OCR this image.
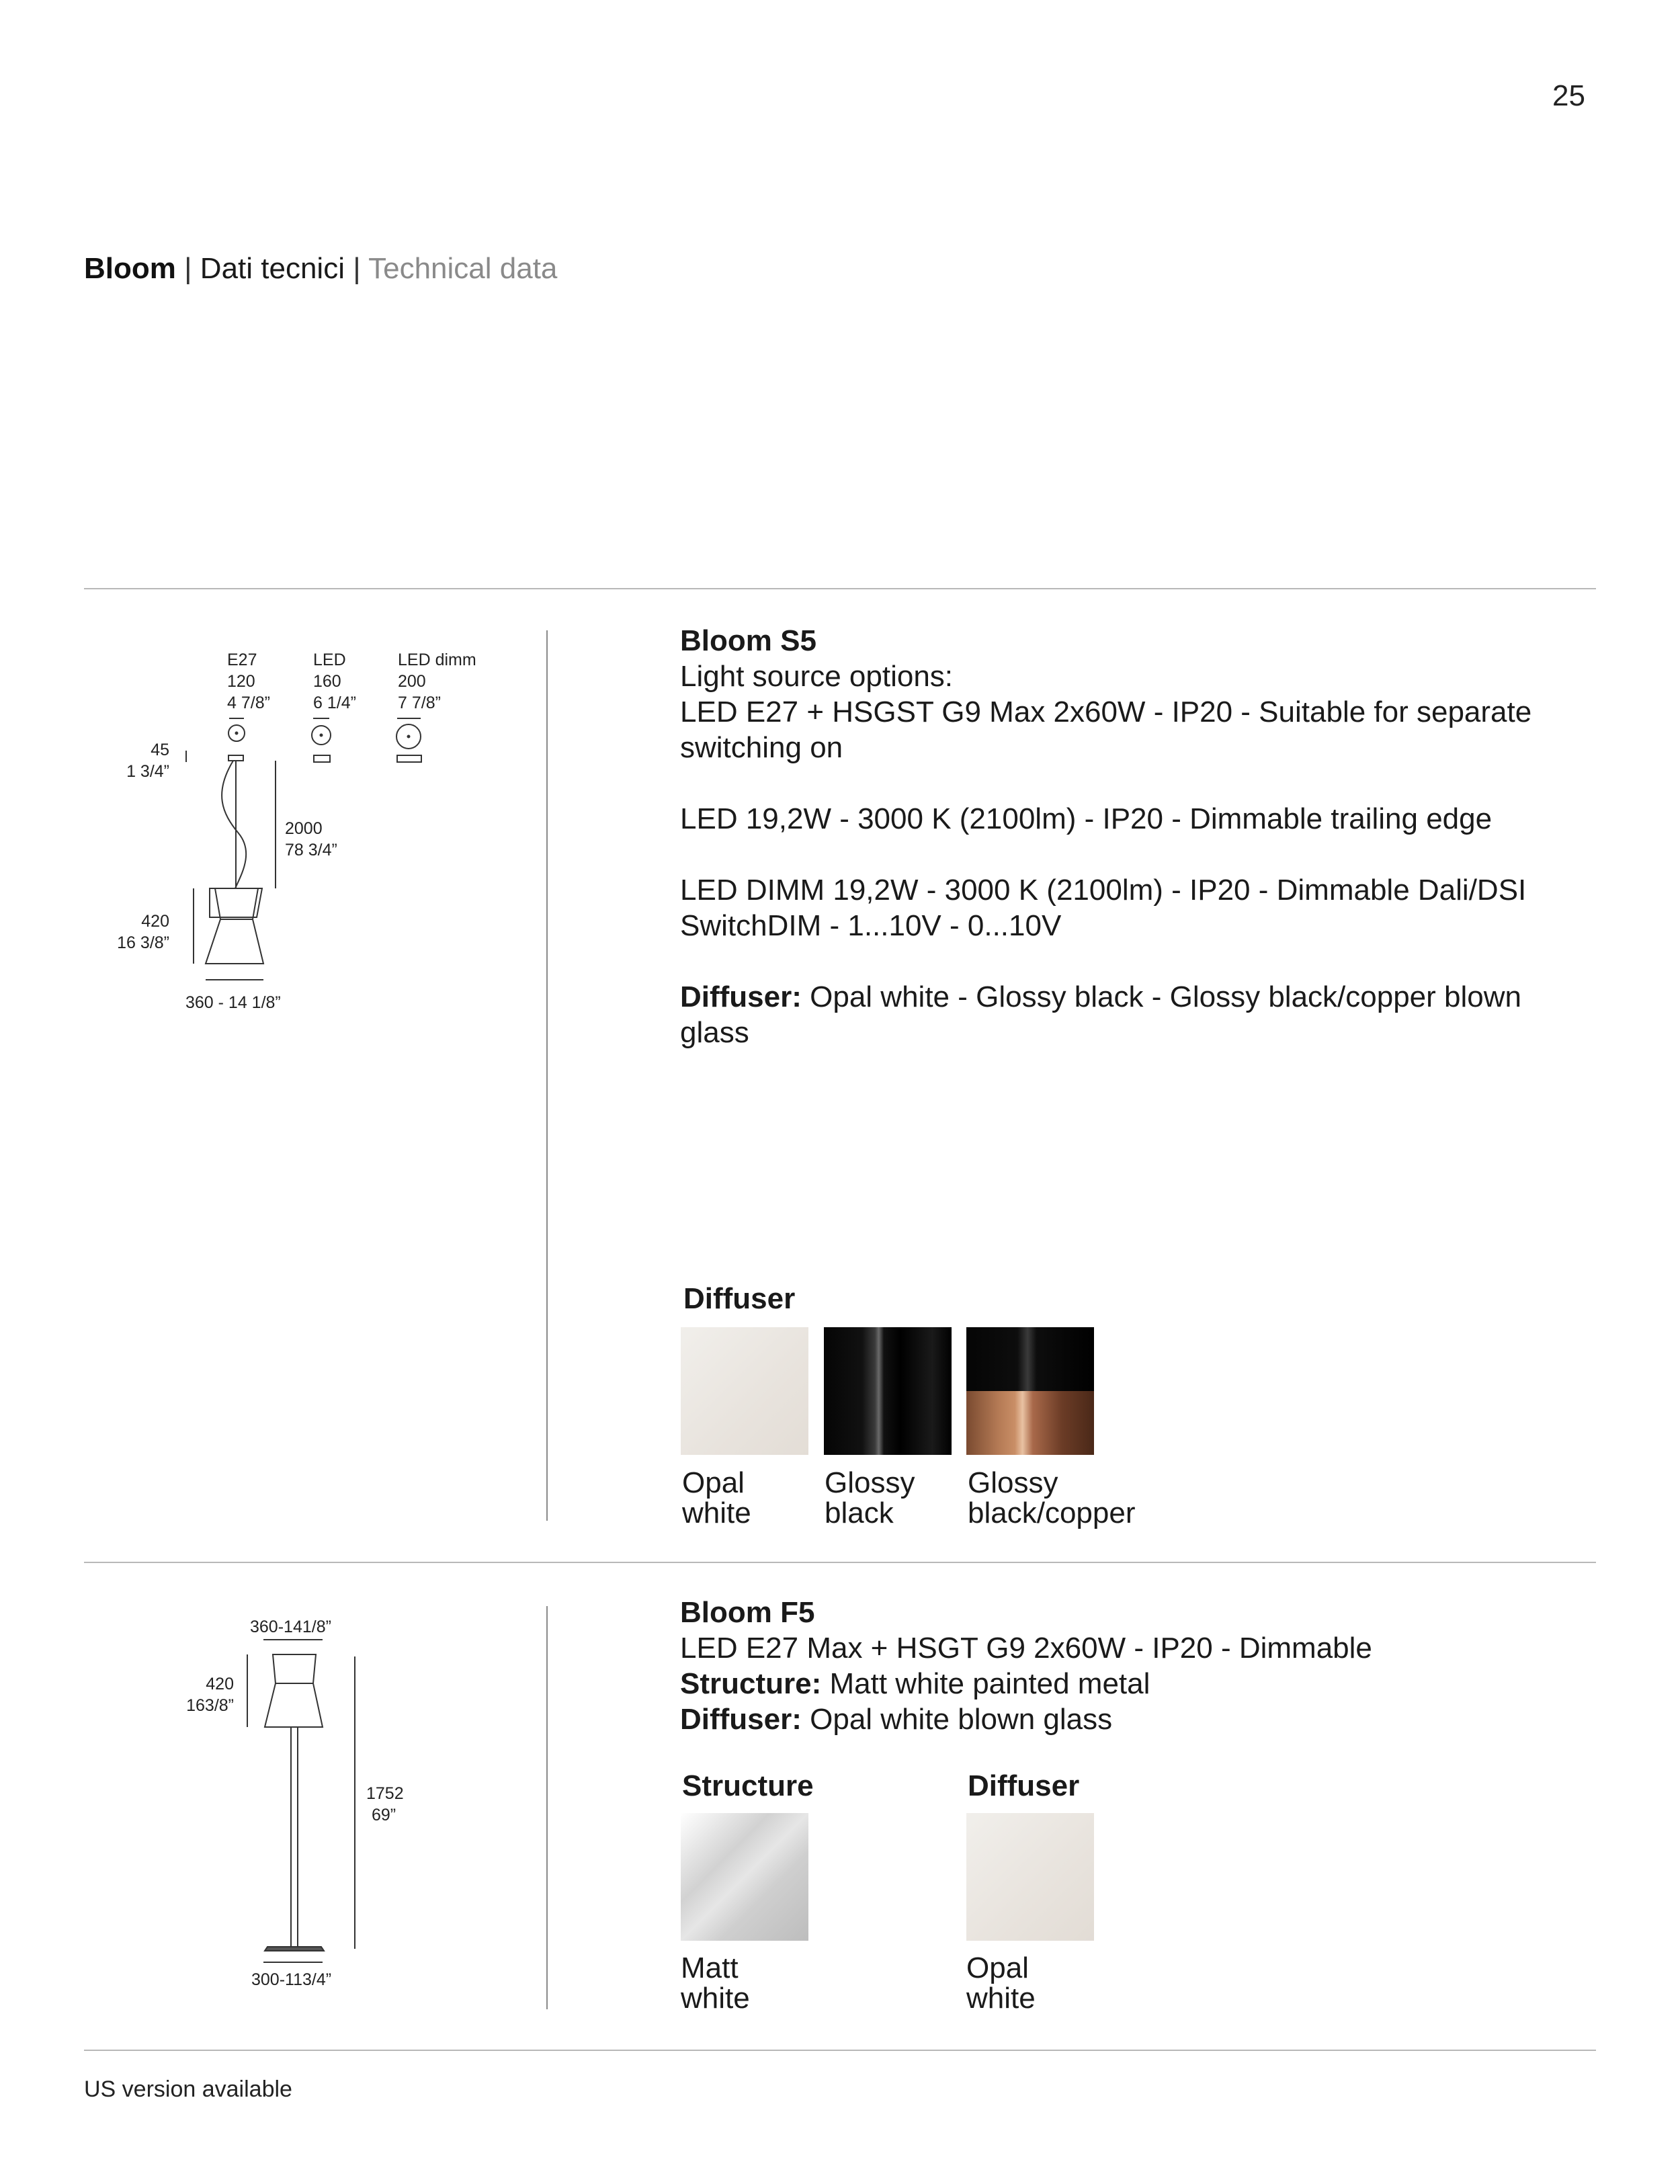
25
Bloom | Dati tecnici | Technical data
E27
120
4 7/8”
LED
160
6 1/4”
LED dimm
200
7 7/8”
45
1 3/4”
2000
78 3/4”
420
16 3/8”
360 - 14 1/8”

Bloom S5

Light source options:

LED E27 + HSGST G9 Max 2x60W - IP20 - Suitable for separate

switching on

LED 19,2W - 3000 K (2100lm) - IP20 - Dimmable trailing edge

LED DIMM 19,2W - 3000 K (2100lm) - IP20 - Dimmable Dali/DSI

SwitchDIM - 1...10V - 0...10V

Diffuser: Opal white - Glossy black - Glossy black/copper blown glass

Diffuser
Opal
white
Glossy
black
Glossy
black/copper
360-141/8”
420
163/8”
1752
69”
300-113/4”

Bloom F5

LED E27 Max + HSGT G9 2x60W - IP20 - Dimmable

Structure: Matt white painted metal

Diffuser: Opal white blown glass

Structure	Diffuser
Matt
white
Opal
white
US version available
